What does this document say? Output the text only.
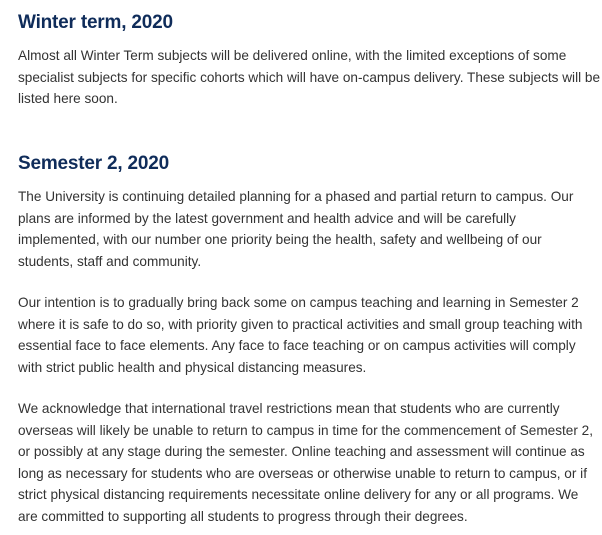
Winter term, 2020

Almost all Winter Term subjects will be delivered online, with the limited exceptions of some specialist subjects for specific cohorts which will have on-campus delivery. These subjects will be listed here soon.

Semester 2, 2020

The University is continuing detailed planning for a phased and partial return to campus. Our plans are informed by the latest government and health advice and will be carefully implemented, with our number one priority being the health, safety and wellbeing of our students, staff and community.

Our intention is to gradually bring back some on campus teaching and learning in Semester 2 where it is safe to do so, with priority given to practical activities and small group teaching with essential face to face elements. Any face to face teaching or on campus activities will comply with strict public health and physical distancing measures.

We acknowledge that international travel restrictions mean that students who are currently overseas will likely be unable to return to campus in time for the commencement of Semester 2, or possibly at any stage during the semester. Online teaching and assessment will continue as long as necessary for students who are overseas or otherwise unable to return to campus, or if strict physical distancing requirements necessitate online delivery for any or all programs. We are committed to supporting all students to progress through their degrees.
